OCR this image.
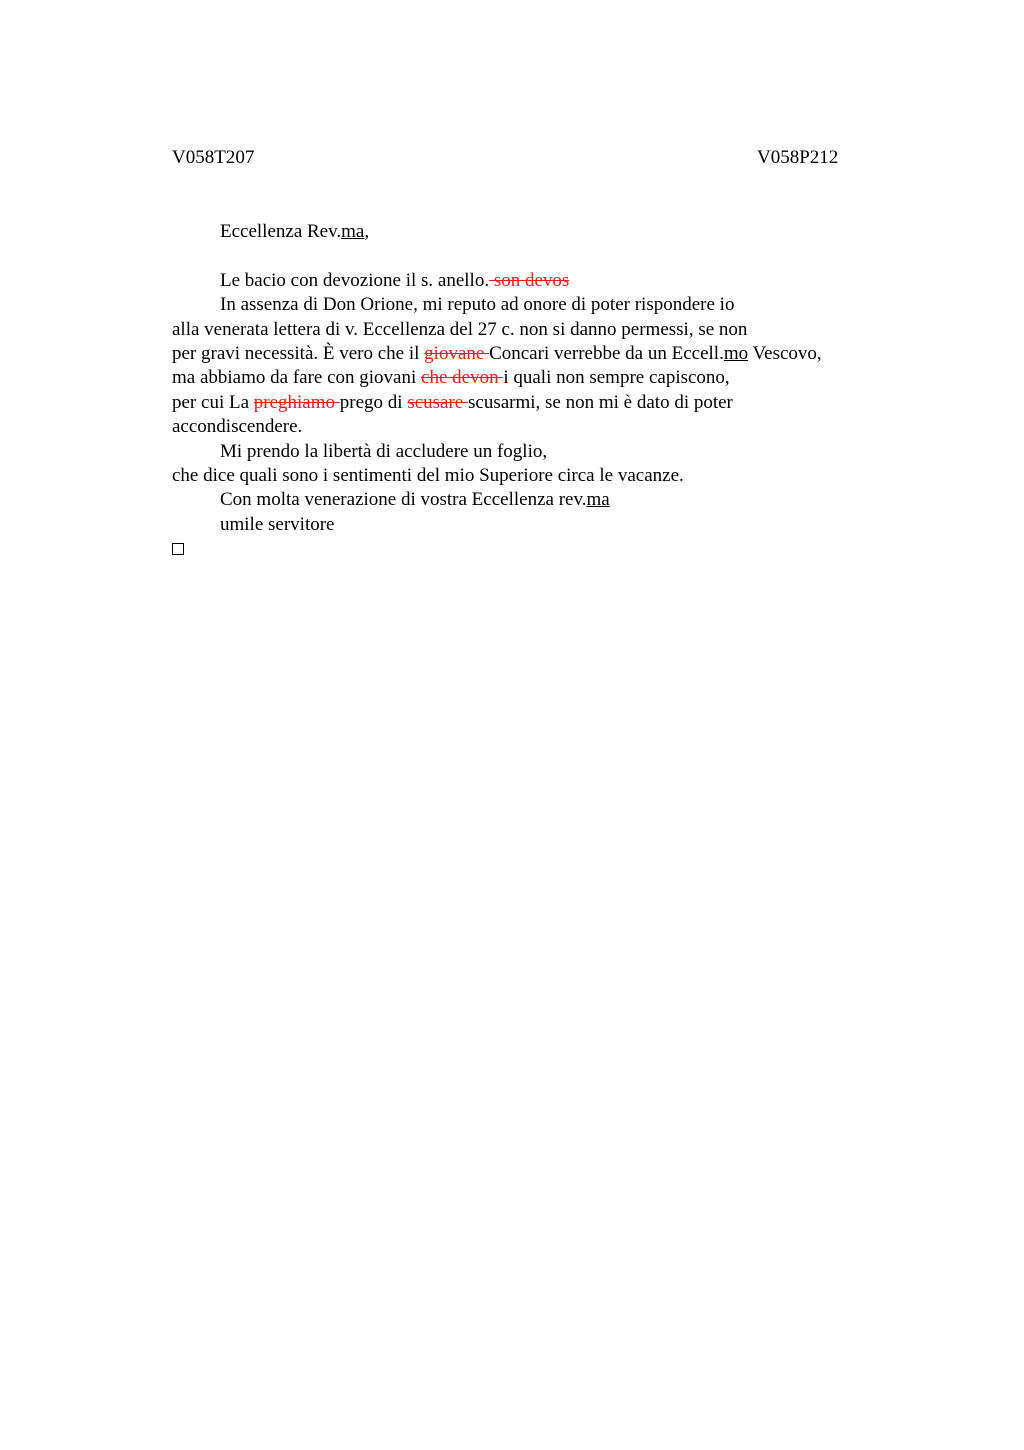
V058T207	V058P212
Eccellenza Rev.ma,
Le bacio con devozione il s. anello. son devos
In assenza di Don Orione, mi reputo ad onore di poter rispondere io
alla venerata lettera di v. Eccellenza del 27 c. non si danno permessi, se non
per gravi necessità. È vero che il giovane Concari verrebbe da un Eccell.mo Vescovo,
ma abbiamo da fare con giovani che devon i quali non sempre capiscono,
per cui La preghiamo prego di scusare scusarmi, se non mi è dato di poter
accondiscendere.
Mi prendo la libertà di accludere un foglio,
che dice quali sono i sentimenti del mio Superiore circa le vacanze.
Con molta venerazione di vostra Eccellenza rev.ma
umile servitore
